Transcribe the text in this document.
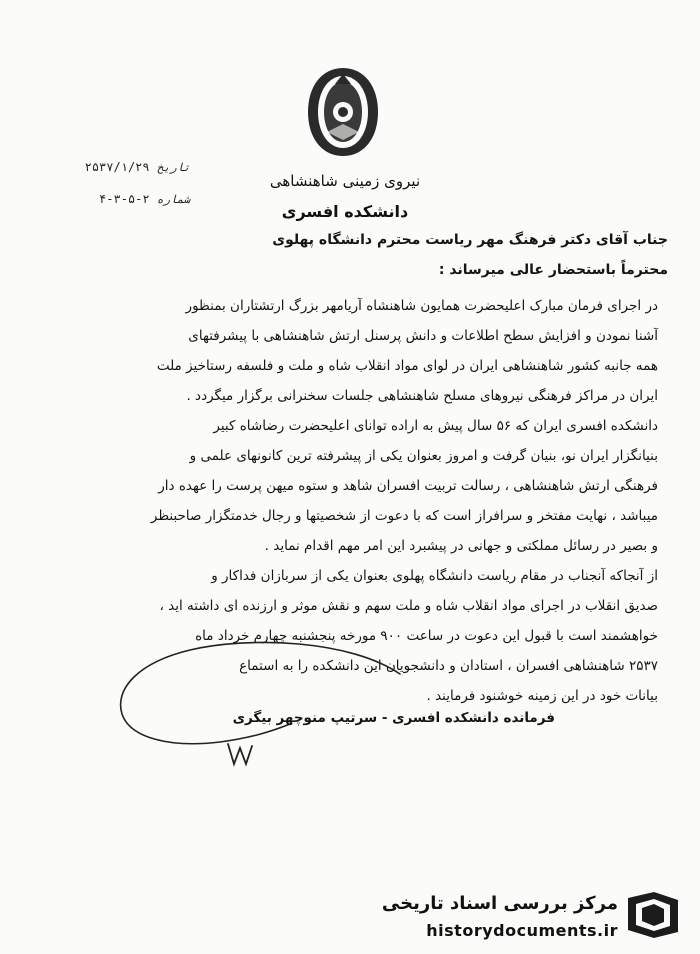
نیروی زمینی شاهنشاهی
دانشکده افسری
تاریخ ۲۵۳۷/۱/۲۹
شماره ۲-۵-۳-۴
جناب آقای دکتر فرهنگ مهر ریاست محترم دانشگاه پهلوی
محترماً باستحضار عالی میرساند :
در اجرای فرمان مبارک اعلیحضرت همایون شاهنشاه آریامهر بزرگ ارتشتاران بمنظور
آشنا نمودن و افزایش سطح اطلاعات و دانش پرسنل ارتش شاهنشاهی با پیشرفتهای
همه جانبه کشور شاهنشاهی ایران در لوای مواد انقلاب شاه و ملت و فلسفه رستاخیز ملت
ایران در مراکز فرهنگی نیروهای مسلح شاهنشاهی جلسات سخنرانی برگزار میگردد .
دانشکده افسری ایران که ۵۶ سال پیش به اراده توانای اعلیحضرت رضاشاه کبیر
بنیانگزار ایران نو، بنیان گرفت و امروز بعنوان یکی از پیشرفته ترین کانونهای علمی و
فرهنگی ارتش شاهنشاهی ، رسالت تربیت افسران شاهد و ستوه میهن پرست را عهده دار
میباشد ، نهایت مفتخر و سرافراز است که با دعوت از شخصیتها و رجال خدمتگزار صاحبنظر
و بصیر در رسائل مملکتی و جهانی در پیشبرد این امر مهم اقدام نماید .
از آنجاکه آنجناب در مقام ریاست دانشگاه پهلوی بعنوان یکی از سربازان فداکار و
صدیق انقلاب در اجرای مواد انقلاب شاه و ملت سهم و نقش موثر و ارزنده ای داشته اید ،
خواهشمند است با قبول این دعوت در ساعت ۹۰۰ مورخه پنجشنبه چهارم خرداد ماه
۲۵۳۷ شاهنشاهی افسران ، استادان و دانشجویان این دانشکده را به استماع
بیانات خود در این زمینه خوشنود فرمایند .
فرمانده دانشکده افسری - سرتیپ منوچهر بیگری
مرکز بررسی اسناد تاریخی
historydocuments.ir
